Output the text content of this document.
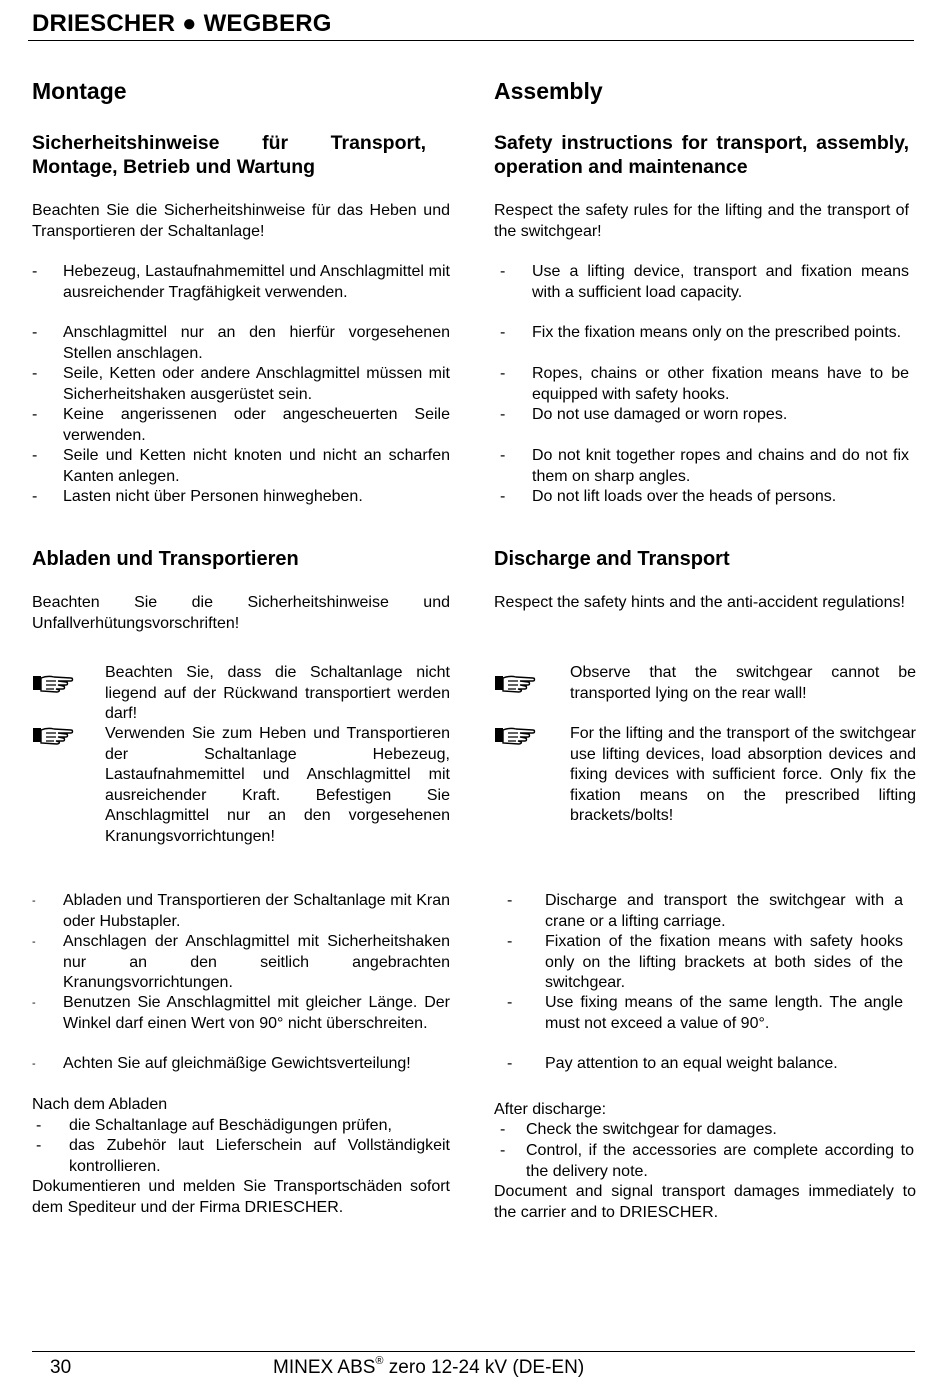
DRIESCHER ● WEGBERG
Montage
Sicherheitshinweise für Transport, Montage, Betrieb und Wartung
Beachten Sie die Sicherheitshinweise für das Heben und Transportieren der Schaltanlage!
- Hebezeug, Lastaufnahmemittel und Anschlagmittel mit ausreichender Tragfähigkeit verwenden.
- Anschlagmittel nur an den hierfür vorgesehenen Stellen anschlagen.
- Seile, Ketten oder andere Anschlagmittel müssen mit Sicherheitshaken ausgerüstet sein.
- Keine angerissenen oder angescheuerten Seile verwenden.
- Seile und Ketten nicht knoten und nicht an scharfen Kanten anlegen.
- Lasten nicht über Personen hinwegheben.
Abladen und Transportieren
Beachten Sie die Sicherheitshinweise und Unfallverhütungsvorschriften!
Beachten Sie, dass die Schaltanlage nicht liegend auf der Rückwand transportiert werden darf!
Verwenden Sie zum Heben und Transportieren der Schaltanlage Hebezeug, Lastaufnahmemittel und Anschlagmittel mit ausreichender Kraft. Befestigen Sie Anschlagmittel nur an den vorgesehenen Kranungsvorrichtungen!
- Abladen und Transportieren der Schaltanlage mit Kran oder Hubstapler.
- Anschlagen der Anschlagmittel mit Sicherheitshaken nur an den seitlich angebrachten Kranungsvorrichtungen.
- Benutzen Sie Anschlagmittel mit gleicher Länge. Der Winkel darf einen Wert von 90° nicht überschreiten.
- Achten Sie auf gleichmäßige Gewichtsverteilung!
Nach dem Abladen
- die Schaltanlage auf Beschädigungen prüfen,
- das Zubehör laut Lieferschein auf Vollständigkeit kontrollieren.
Dokumentieren und melden Sie Transportschäden sofort dem Spediteur und der Firma DRIESCHER.
Assembly
Safety instructions for transport, assembly, operation and maintenance
Respect the safety rules for the lifting and the transport of the switchgear!
- Use a lifting device, transport and fixation means with a sufficient load capacity.
- Fix the fixation means only on the prescribed points.
- Ropes, chains or other fixation means have to be equipped with safety hooks.
- Do not use damaged or worn ropes.
- Do not knit together ropes and chains and do not fix them on sharp angles.
- Do not lift loads over the heads of persons.
Discharge and Transport
Respect the safety hints and the anti-accident regulations!
Observe that the switchgear cannot be transported lying on the rear wall!
For the lifting and the transport of the switchgear use lifting devices, load absorption devices and fixing devices with sufficient force. Only fix the fixation means on the prescribed lifting brackets/bolts!
- Discharge and transport the switchgear with a crane or a lifting carriage.
- Fixation of the fixation means with safety hooks only on the lifting brackets at both sides of the switchgear.
- Use fixing means of the same length. The angle must not exceed a value of 90°.
- Pay attention to an equal weight balance.
After discharge:
- Check the switchgear for damages.
- Control, if the accessories are complete according to the delivery note.
Document and signal transport damages immediately to the carrier and to DRIESCHER.
30	MINEX ABS® zero 12-24 kV (DE-EN)
